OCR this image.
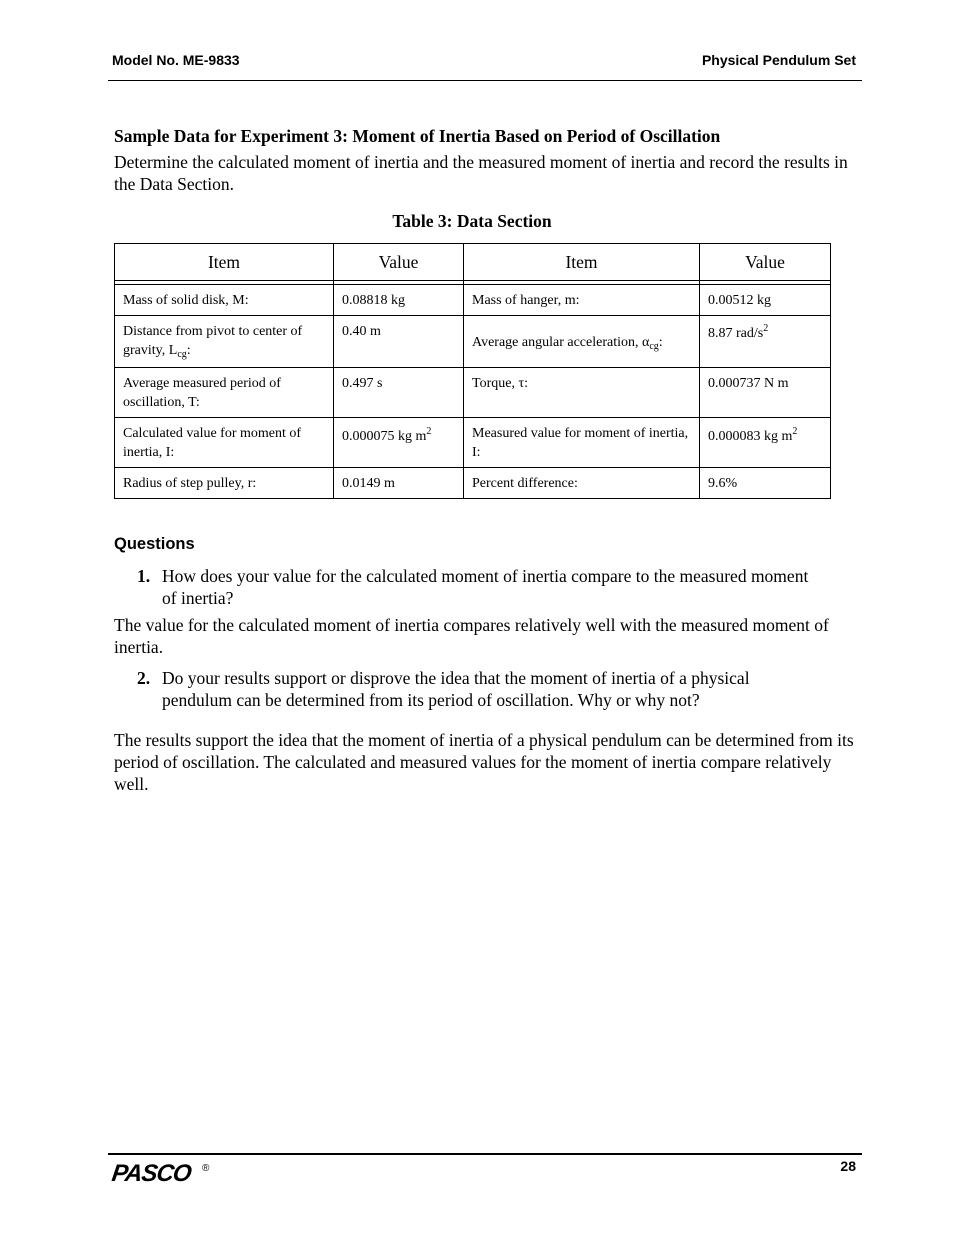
Model No. ME-9833	Physical Pendulum Set
Sample Data for Experiment 3: Moment of Inertia Based on Period of Oscillation
Determine the calculated moment of inertia and the measured moment of inertia and record the results in the Data Section.
Table 3: Data Section
Item	Value	Item	Value

Mass of solid disk, M:	0.08818 kg	Mass of hanger, m:	0.00512 kg
Distance from pivot to center of gravity, $L_{cg}$:	0.40 m	Average angular acceleration, $\alpha_{cg}$:	8.87 rad/$s^2$
Average measured period of oscillation, T:	0.497 s	Torque, τ:	0.000737 N m
Calculated value for moment of inertia, I:	0.000075 kg $m^2$	Measured value for moment of inertia, I:	0.000083 kg $m^2$
Radius of step pulley, r:	0.0149 m	Percent difference:	9.6%
Questions
1. How does your value for the calculated moment of inertia compare to the measured moment
of inertia?
The value for the calculated moment of inertia compares relatively well with the measured moment of inertia.
2. Do your results support or disprove the idea that the moment of inertia of a physical
pendulum can be determined from its period of oscillation. Why or why not?
The results support the idea that the moment of inertia of a physical pendulum can be determined from its period of oscillation. The calculated and measured values for the moment of inertia compare relatively well.
PASCO ®	28
